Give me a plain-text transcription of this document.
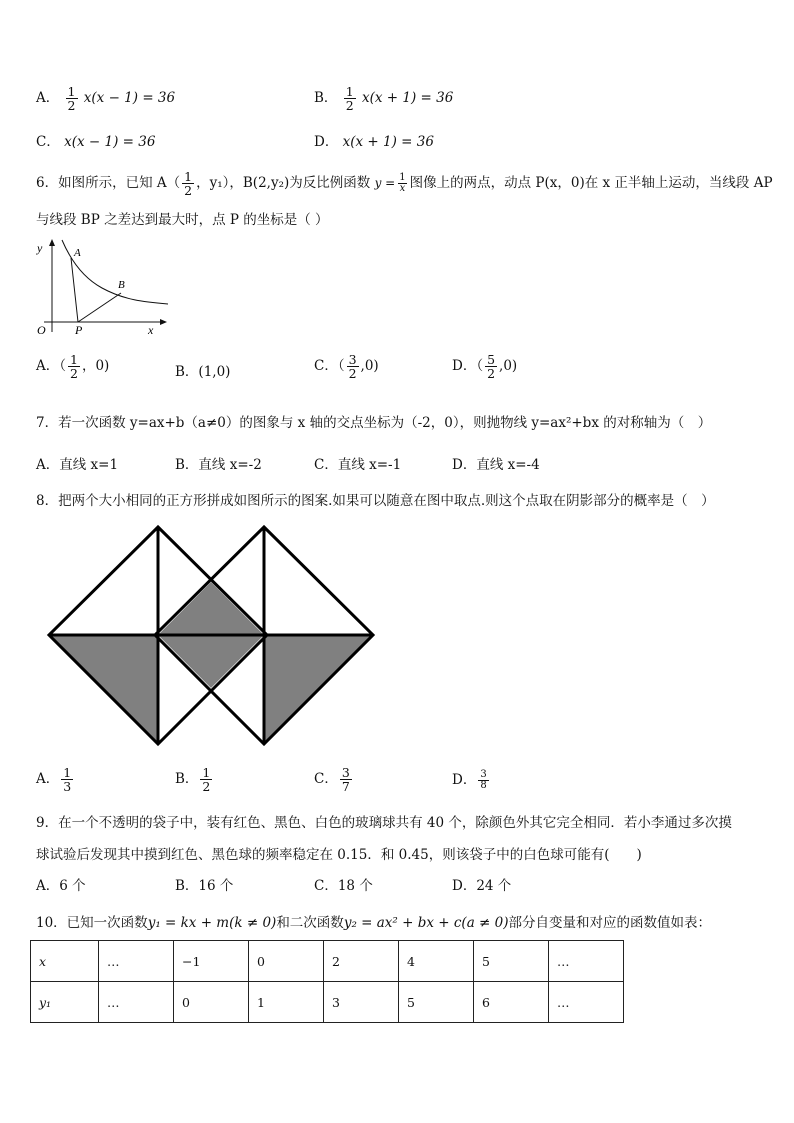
A． $\frac{1}{2} x(x - 1) = 36$	B． $\frac{1}{2} x(x + 1) = 36$
C． x(x − 1) = 36	D． x(x + 1) = 36
6．如图所示，已知 $A( \frac{1}{2}$ ，y₁），B(2,y₂)为反比例函数 $y = \frac{1}{x}$ 图像上的两点，动点 P(x，0)在 x 正半轴上运动，当线段 AP
与线段 BP 之差达到最大时，点 P 的坐标是（ ）
y	A
B
O P	x
A．（ $\frac{1}{2}$ ，0)	B．(1,0)	C．（ $\frac{3}{2} ,0$)	D．（ $\frac{5}{2} ,0$)
7．若一次函数 y=ax+b（a≠0）的图象与 x 轴的交点坐标为（-2，0），则抛物线 y=ax²+bx 的对称轴为（　）
A．直线 x=1	B．直线 x=-2	C．直线 x=-1	D．直线 x=-4
8．把两个大小相同的正方形拼成如图所示的图案.如果可以随意在图中取点.则这个点取在阴影部分的概率是（　）
A． $\frac{1}{3}$	B． $\frac{1}{2}$	C． $\frac{3}{7}$	D． $\frac{3}{8}$
9．在一个不透明的袋子中，装有红色、黑色、白色的玻璃球共有 40 个，除颜色外其它完全相同．若小李通过多次摸
球试验后发现其中摸到红色、黑色球的频率稳定在 0.15．和 0.45，则该袋子中的白色球可能有(　　)
A．6 个	B．16 个	C．18 个	D．24 个
10．已知一次函数y₁ = kx + m(k ≠ 0)和二次函数y₂ = ax² + bx + c(a ≠ 0)部分自变量和对应的函数值如表：
x	…	−1	0	2	4	5	…
y₁	…	0	1	3	5	6	…
